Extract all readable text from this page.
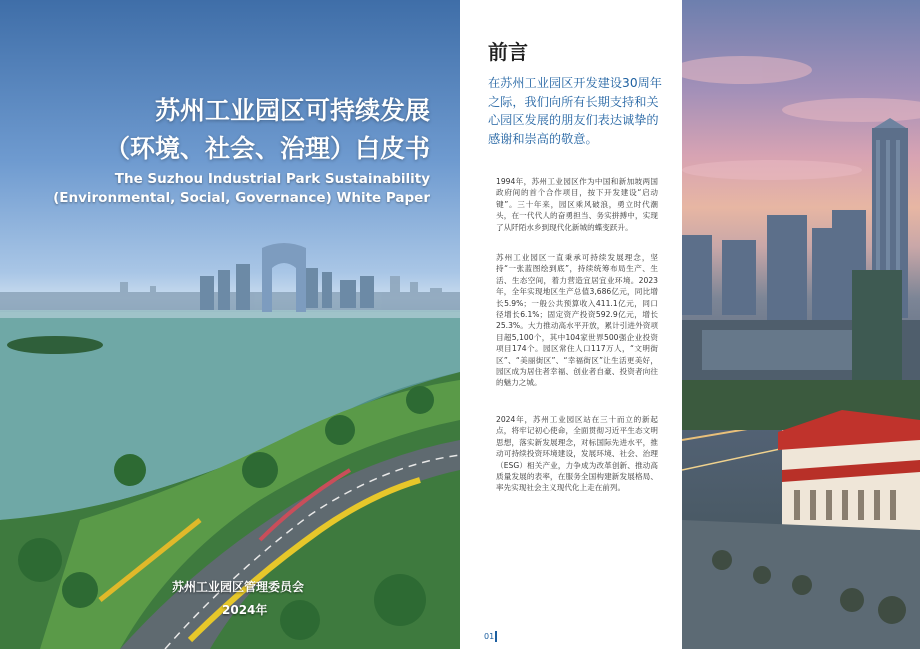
苏州工业园区可持续发展
（环境、社会、治理）白皮书
The Suzhou Industrial Park Sustainability
(Environmental, Social, Governance) White Paper
苏州工业园区管理委员会
2024年
前言
在苏州工业园区开发建设30周年之际，我们向所有长期支持和关心园区发展的朋友们表达诚挚的感谢和崇高的敬意。
1994年，苏州工业园区作为中国和新加坡两国政府间的首个合作项目，按下开发建设“启动键”。三十年来，园区乘风破浪，勇立时代潮头，在一代代人的奋勇担当、务实拼搏中，实现了从阡陌水乡到现代化新城的蝶变跃升。
苏州工业园区一直秉承可持续发展理念，坚持“一张蓝图绘到底”，持续统筹布局生产、生活、生态空间，着力营造宜居宜业环境。2023年，全年实现地区生产总值3,686亿元，同比增长5.9%；一般公共预算收入411.1亿元，同口径增长6.1%；固定资产投资592.9亿元，增长25.3%。大力推动高水平开放，累计引进外资项目超5,100个，其中104家世界500强企业投资项目174个。园区常住人口117万人，“文明街区”、“美丽街区”、“幸福街区”让生活更美好，园区成为居住者幸福、创业者自豪、投资者向往的魅力之城。
2024年，苏州工业园区站在三十而立的新起点，将牢记初心使命，全面贯彻习近平生态文明思想，落实新发展理念，对标国际先进水平，推动可持续投资环境建设，发展环境、社会、治理（ESG）相关产业，力争成为改革创新、推动高质量发展的表率，在服务全国构建新发展格局、率先实现社会主义现代化上走在前列。
01
